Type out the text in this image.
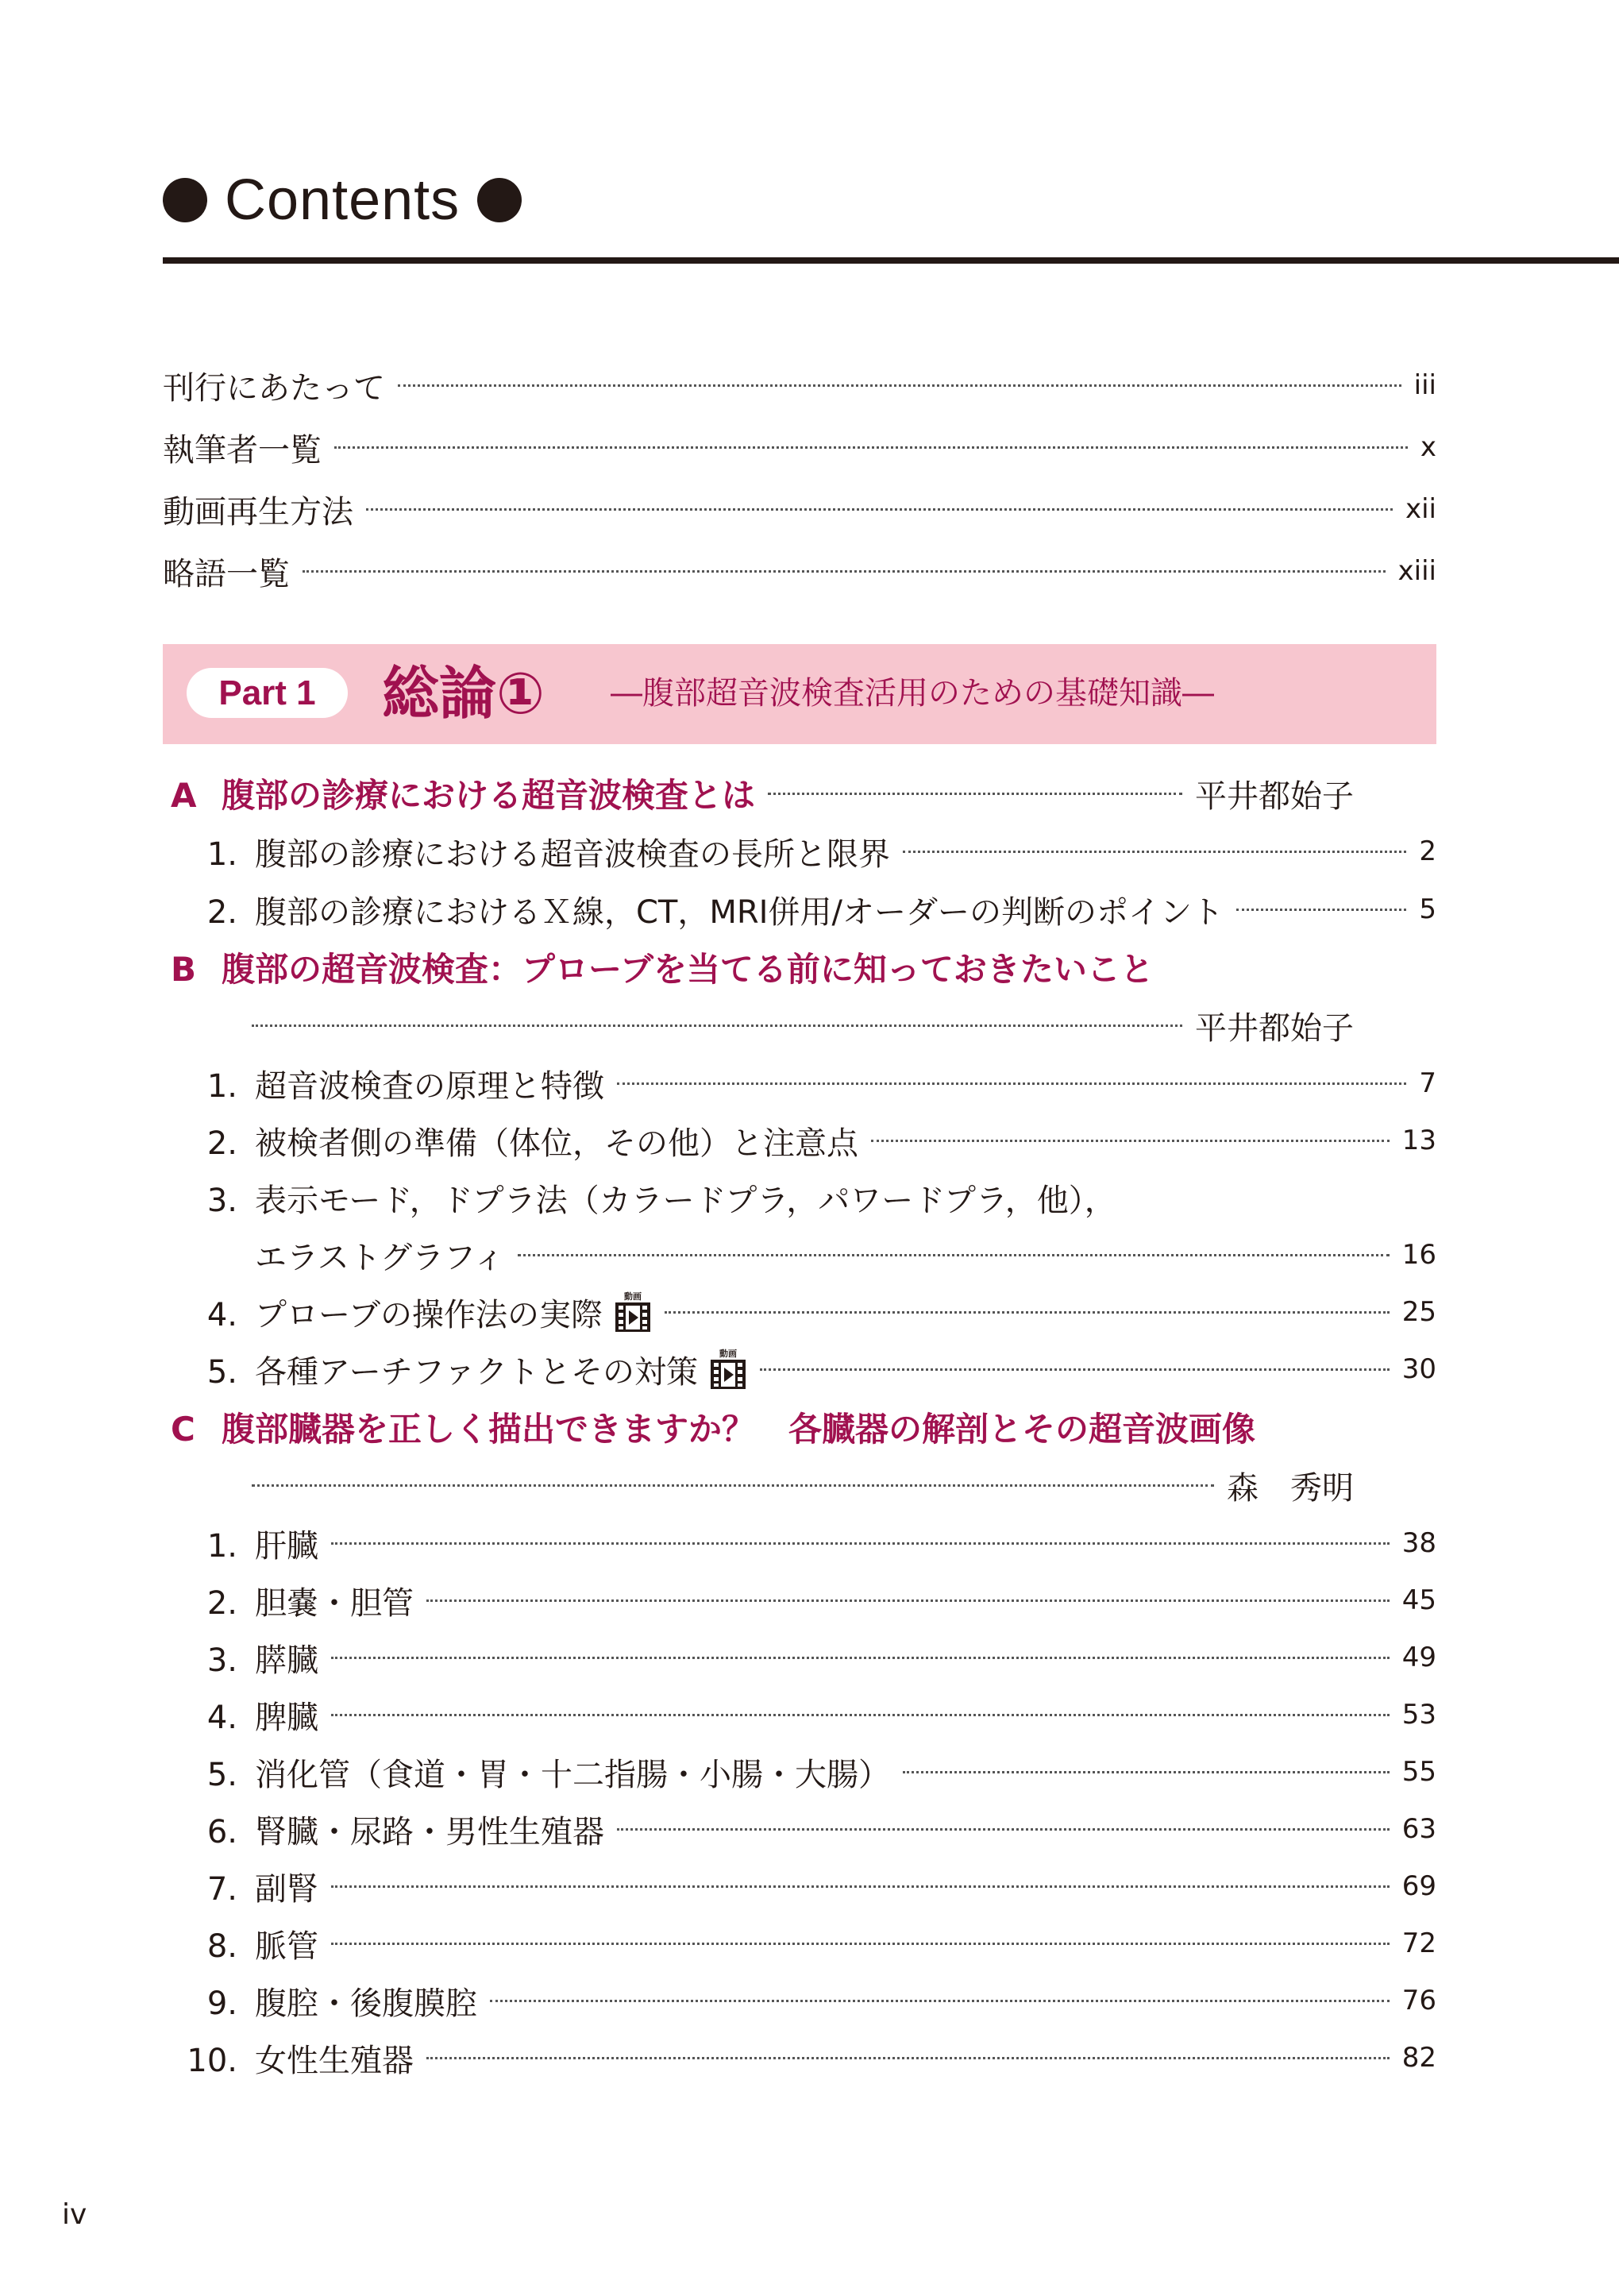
Contents
刊行にあたって	iii
執筆者一覧	x
動画再生方法	xii
略語一覧	xiii
Part 1	総論① ―腹部超音波検査活用のための基礎知識―
A 腹部の診療における超音波検査とは	平井都始子
1. 腹部の診療における超音波検査の長所と限界	2
2. 腹部の診療におけるＸ線，CT，MRI併用/オーダーの判断のポイント	5
B 腹部の超音波検査：プローブを当てる前に知っておきたいこと
平井都始子
1. 超音波検査の原理と特徴	7
2. 被検者側の準備（体位，その他）と注意点	13
3. 表示モード，ドプラ法（カラードプラ，パワードプラ，他），
エラストグラフィ	16
4. プローブの操作法の実際 動画	25
5. 各種アーチファクトとその対策 動画	30
C 腹部臓器を正しく描出できますか？　各臓器の解剖とその超音波画像
森　秀明
1. 肝臓	38
2. 胆嚢・胆管	45
3. 膵臓	49
4. 脾臓	53
5. 消化管（食道・胃・十二指腸・小腸・大腸）	55
6. 腎臓・尿路・男性生殖器	63
7. 副腎	69
8. 脈管	72
9. 腹腔・後腹膜腔	76
10. 女性生殖器	82
iv
